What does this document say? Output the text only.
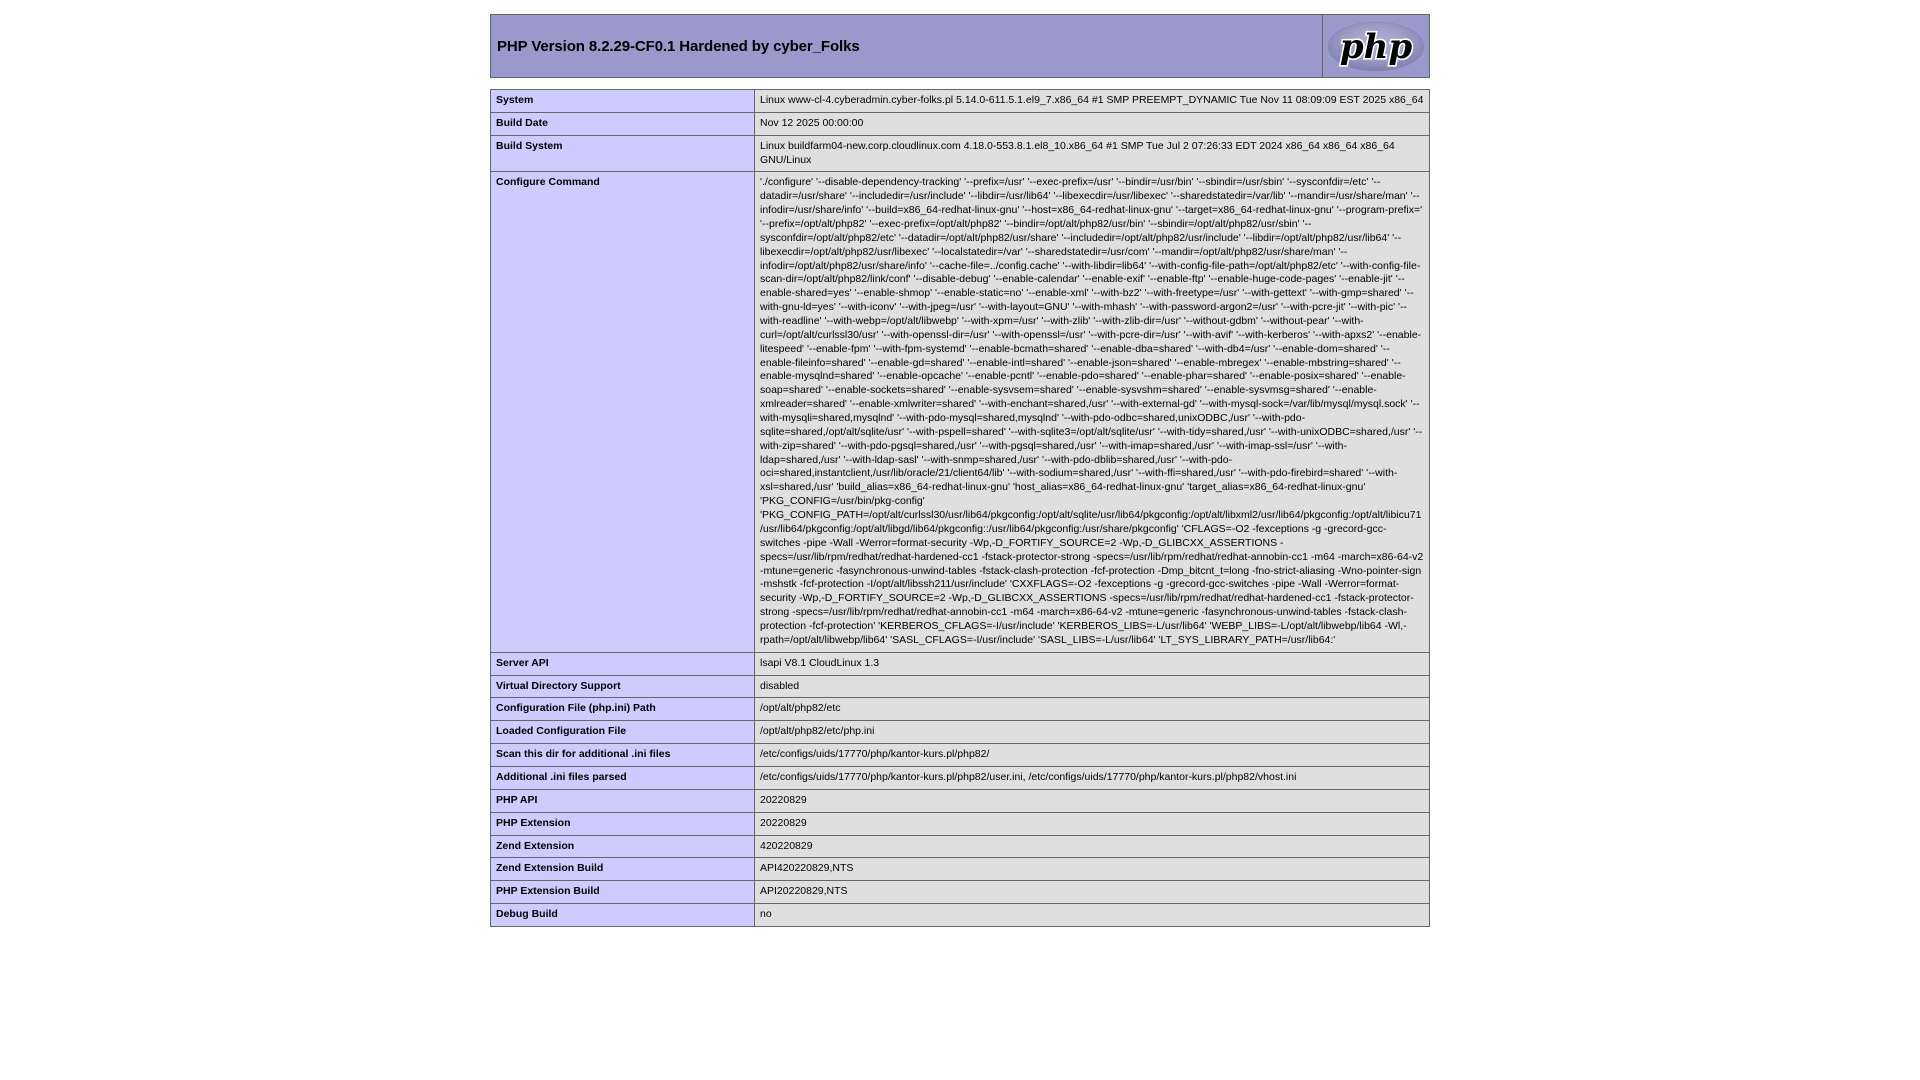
PHP Version 8.2.29-CF0.1 Hardened by cyber_Folks	php
System	Linux www-cl-4.cyberadmin.cyber-folks.pl 5.14.0-611.5.1.el9_7.x86_64 #1 SMP PREEMPT_DYNAMIC Tue Nov 11 08:09:09 EST 2025 x86_64
Build Date	Nov 12 2025 00:00:00
Build System	Linux buildfarm04-new.corp.cloudlinux.com 4.18.0-553.8.1.el8_10.x86_64 #1 SMP Tue Jul 2 07:26:33 EDT 2024 x86_64 x86_64 x86_64 GNU/Linux
Configure Command	'./configure' '--disable-dependency-tracking' '--prefix=/usr' '--exec-prefix=/usr' '--bindir=/usr/bin' '--sbindir=/usr/sbin' '--sysconfdir=/etc' '--datadir=/usr/share' '--includedir=/usr/include' '--libdir=/usr/lib64' '--libexecdir=/usr/libexec' '--sharedstatedir=/var/lib' '--mandir=/usr/share/man' '--infodir=/usr/share/info' '--build=x86_64-redhat-linux-gnu' '--host=x86_64-redhat-linux-gnu' '--target=x86_64-redhat-linux-gnu' '--program-prefix=' '--prefix=/opt/alt/php82' '--exec-prefix=/opt/alt/php82' '--bindir=/opt/alt/php82/usr/bin' '--sbindir=/opt/alt/php82/usr/sbin' '--sysconfdir=/opt/alt/php82/etc' '--datadir=/opt/alt/php82/usr/share' '--includedir=/opt/alt/php82/usr/include' '--libdir=/opt/alt/php82/usr/lib64' '--libexecdir=/opt/alt/php82/usr/libexec' '--localstatedir=/var' '--sharedstatedir=/usr/com' '--mandir=/opt/alt/php82/usr/share/man' '--infodir=/opt/alt/php82/usr/share/info' '--cache-file=../config.cache' '--with-libdir=lib64' '--with-config-file-path=/opt/alt/php82/etc' '--with-config-file-scan-dir=/opt/alt/php82/link/conf' '--disable-debug' '--enable-calendar' '--enable-exif' '--enable-ftp' '--enable-huge-code-pages' '--enable-jit' '--enable-shared=yes' '--enable-shmop' '--enable-static=no' '--enable-xml' '--with-bz2' '--with-freetype=/usr' '--with-gettext' '--with-gmp=shared' '--with-gnu-ld=yes' '--with-iconv' '--with-jpeg=/usr' '--with-layout=GNU' '--with-mhash' '--with-password-argon2=/usr' '--with-pcre-jit' '--with-pic' '--with-readline' '--with-webp=/opt/alt/libwebp' '--with-xpm=/usr' '--with-zlib' '--with-zlib-dir=/usr' '--without-gdbm' '--without-pear' '--with-curl=/opt/alt/curlssl30/usr' '--with-openssl-dir=/usr' '--with-openssl=/usr' '--with-pcre-dir=/usr' '--with-avif' '--with-kerberos' '--with-apxs2' '--enable-litespeed' '--enable-fpm' '--with-fpm-systemd' '--enable-bcmath=shared' '--enable-dba=shared' '--with-db4=/usr' '--enable-dom=shared' '--enable-fileinfo=shared' '--enable-gd=shared' '--enable-intl=shared' '--enable-json=shared' '--enable-mbregex' '--enable-mbstring=shared' '--enable-mysqlnd=shared' '--enable-opcache' '--enable-pcntl' '--enable-pdo=shared' '--enable-phar=shared' '--enable-posix=shared' '--enable-soap=shared' '--enable-sockets=shared' '--enable-sysvsem=shared' '--enable-sysvshm=shared' '--enable-sysvmsg=shared' '--enable-xmlreader=shared' '--enable-xmlwriter=shared' '--with-enchant=shared,/usr' '--with-external-gd' '--with-mysql-sock=/var/lib/mysql/mysql.sock' '--with-mysqli=shared,mysqlnd' '--with-pdo-mysql=shared,mysqlnd' '--with-pdo-odbc=shared,unixODBC,/usr' '--with-pdo-sqlite=shared,/opt/alt/sqlite/usr' '--with-pspell=shared' '--with-sqlite3=/opt/alt/sqlite/usr' '--with-tidy=shared,/usr' '--with-unixODBC=shared,/usr' '--with-zip=shared' '--with-pdo-pgsql=shared,/usr' '--with-pgsql=shared,/usr' '--with-imap=shared,/usr' '--with-imap-ssl=/usr' '--with-ldap=shared,/usr' '--with-ldap-sasl' '--with-snmp=shared,/usr' '--with-pdo-dblib=shared,/usr' '--with-pdo-oci=shared,instantclient,/usr/lib/oracle/21/client64/lib' '--with-sodium=shared,/usr' '--with-ffi=shared,/usr' '--with-pdo-firebird=shared' '--with-xsl=shared,/usr' 'build_alias=x86_64-redhat-linux-gnu' 'host_alias=x86_64-redhat-linux-gnu' 'target_alias=x86_64-redhat-linux-gnu' 'PKG_CONFIG=/usr/bin/pkg-config' 'PKG_CONFIG_PATH=/opt/alt/curlssl30/usr/lib64/pkgconfig:/opt/alt/sqlite/usr/lib64/pkgconfig:/opt/alt/libxml2/usr/lib64/pkgconfig:/opt/alt/libicu71/usr/lib64/pkgconfig:/opt/alt/libgd/lib64/pkgconfig::/usr/lib64/pkgconfig:/usr/share/pkgconfig' 'CFLAGS=-O2 -fexceptions -g -grecord-gcc-switches -pipe -Wall -Werror=format-security -Wp,-D_FORTIFY_SOURCE=2 -Wp,-D_GLIBCXX_ASSERTIONS -specs=/usr/lib/rpm/redhat/redhat-hardened-cc1 -fstack-protector-strong -specs=/usr/lib/rpm/redhat/redhat-annobin-cc1 -m64 -march=x86-64-v2 -mtune=generic -fasynchronous-unwind-tables -fstack-clash-protection -fcf-protection -Dmp_bitcnt_t=long -fno-strict-aliasing -Wno-pointer-sign -mshstk -fcf-protection -I/opt/alt/libssh211/usr/include' 'CXXFLAGS=-O2 -fexceptions -g -grecord-gcc-switches -pipe -Wall -Werror=format-security -Wp,-D_FORTIFY_SOURCE=2 -Wp,-D_GLIBCXX_ASSERTIONS -specs=/usr/lib/rpm/redhat/redhat-hardened-cc1 -fstack-protector-strong -specs=/usr/lib/rpm/redhat/redhat-annobin-cc1 -m64 -march=x86-64-v2 -mtune=generic -fasynchronous-unwind-tables -fstack-clash-protection -fcf-protection' 'KERBEROS_CFLAGS=-I/usr/include' 'KERBEROS_LIBS=-L/usr/lib64' 'WEBP_LIBS=-L/opt/alt/libwebp/lib64 -Wl,-rpath=/opt/alt/libwebp/lib64' 'SASL_CFLAGS=-I/usr/include' 'SASL_LIBS=-L/usr/lib64' 'LT_SYS_LIBRARY_PATH=/usr/lib64:'
Server API	lsapi V8.1 CloudLinux 1.3
Virtual Directory Support	disabled
Configuration File (php.ini) Path	/opt/alt/php82/etc
Loaded Configuration File	/opt/alt/php82/etc/php.ini
Scan this dir for additional .ini files	/etc/configs/uids/17770/php/kantor-kurs.pl/php82/
Additional .ini files parsed	/etc/configs/uids/17770/php/kantor-kurs.pl/php82/user.ini, /etc/configs/uids/17770/php/kantor-kurs.pl/php82/vhost.ini
PHP API	20220829
PHP Extension	20220829
Zend Extension	420220829
Zend Extension Build	API420220829,NTS
PHP Extension Build	API20220829,NTS
Debug Build	no
